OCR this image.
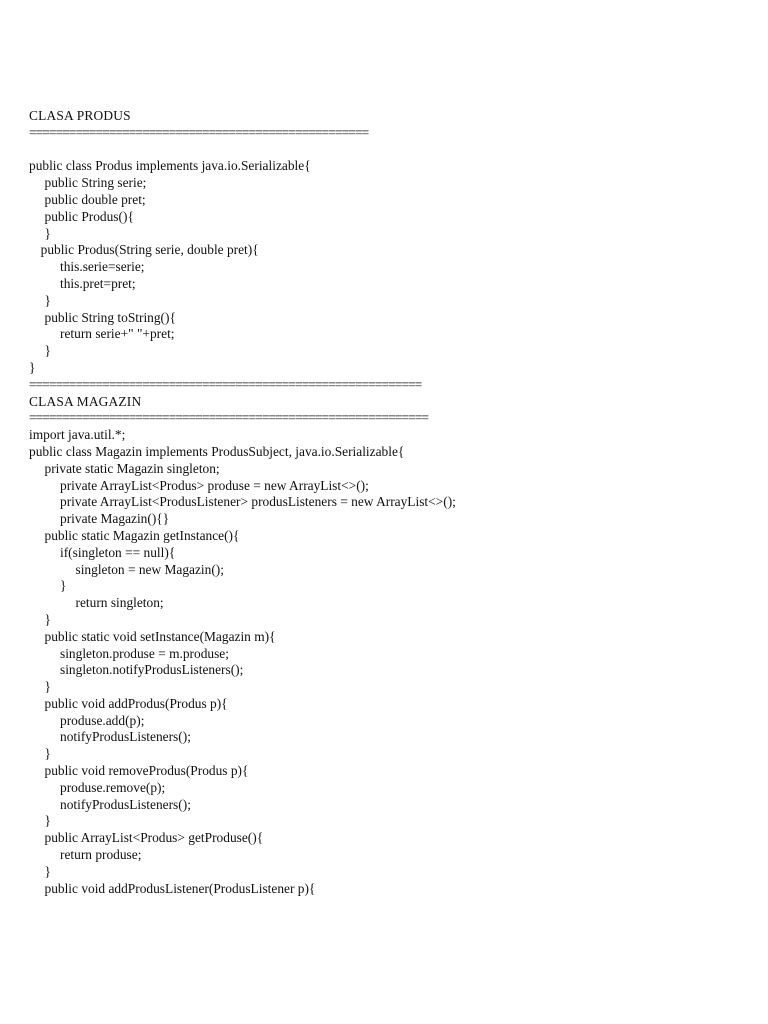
CLASA PRODUS
===================================================
public class Produs implements java.io.Serializable{
public String serie;
public double pret;
public Produs(){
}
public Produs(String serie, double pret){
this.serie=serie;
this.pret=pret;
}
public String toString(){
return serie+" "+pret;
}
}
===========================================================
CLASA MAGAZIN
============================================================
import java.util.*;
public class Magazin implements ProdusSubject, java.io.Serializable{
private static Magazin singleton;
private ArrayList<Produs> produse = new ArrayList<>();
private ArrayList<ProdusListener> produsListeners = new ArrayList<>();
private Magazin(){}
public static Magazin getInstance(){
if(singleton == null){
singleton = new Magazin();
}
return singleton;
}
public static void setInstance(Magazin m){
singleton.produse = m.produse;
singleton.notifyProdusListeners();
}
public void addProdus(Produs p){
produse.add(p);
notifyProdusListeners();
}
public void removeProdus(Produs p){
produse.remove(p);
notifyProdusListeners();
}
public ArrayList<Produs> getProduse(){
return produse;
}
public void addProdusListener(ProdusListener p){
